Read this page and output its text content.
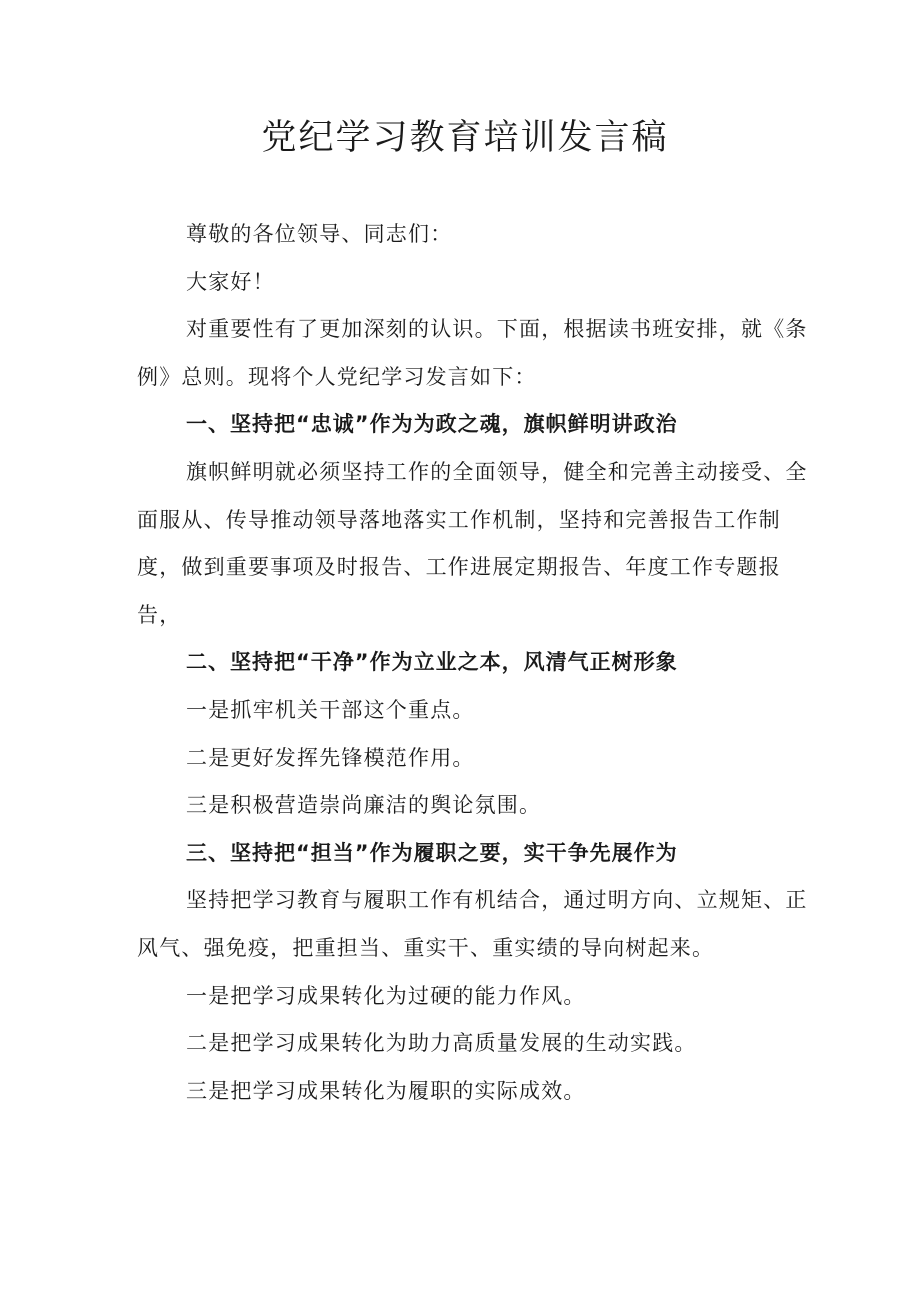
党纪学习教育培训发言稿

尊敬的各位领导、同志们：

大家好！

对重要性有了更加深刻的认识。下面，根据读书班安排，就《条例》总则。现将个人党纪学习发言如下：

一、坚持把“忠诚”作为为政之魂，旗帜鲜明讲政治

旗帜鲜明就必须坚持工作的全面领导，健全和完善主动接受、全面服从、传导推动领导落地落实工作机制，坚持和完善报告工作制度，做到重要事项及时报告、工作进展定期报告、年度工作专题报告，

二、坚持把“干净”作为立业之本，风清气正树形象

一是抓牢机关干部这个重点。

二是更好发挥先锋模范作用。

三是积极营造崇尚廉洁的舆论氛围。

三、坚持把“担当”作为履职之要，实干争先展作为

坚持把学习教育与履职工作有机结合，通过明方向、立规矩、正风气、强免疫，把重担当、重实干、重实绩的导向树起来。

一是把学习成果转化为过硬的能力作风。

二是把学习成果转化为助力高质量发展的生动实践。

三是把学习成果转化为履职的实际成效。
